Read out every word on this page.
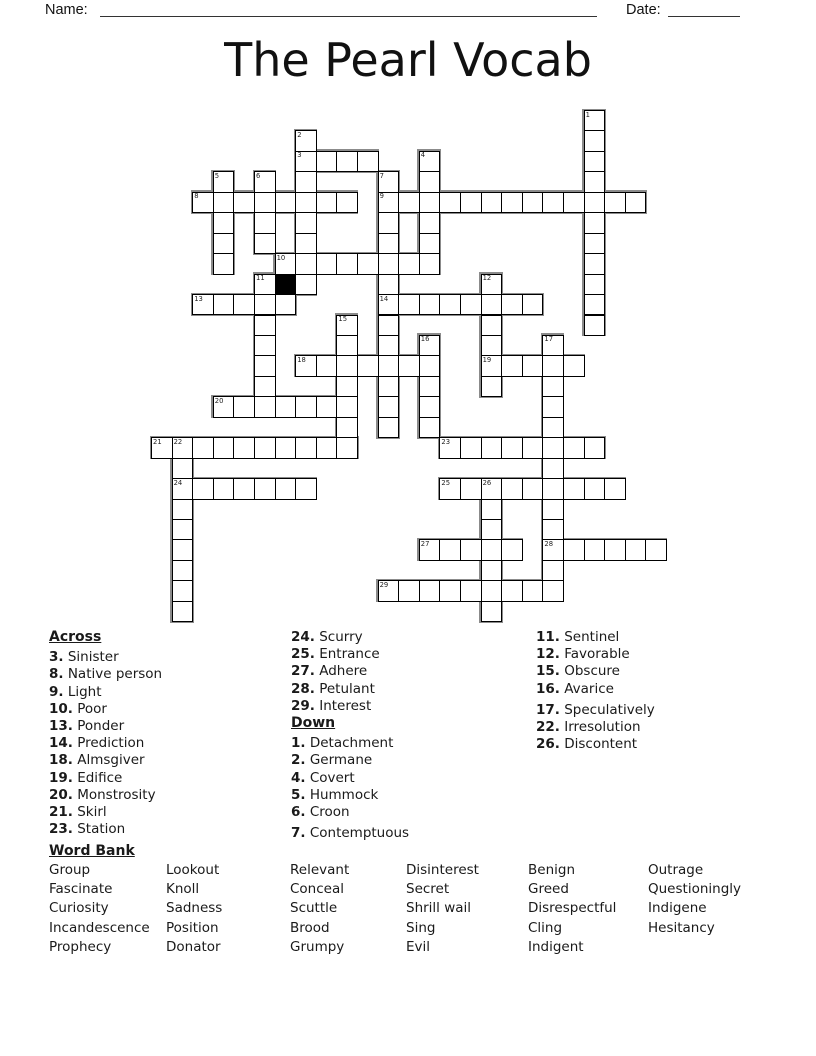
Name:	Date:
The Pearl Vocab
3
8	9
10
13	14
18	19
20
21 22	23
24	25	26
27	28
29
1
2
4
5	6	7
11	12
15
16	17
Across
3. Sinister
8. Native person
9. Light
10. Poor
13. Ponder
14. Prediction
18. Almsgiver
19. Edifice
20. Monstrosity
21. Skirl
23. Station
24. Scurry
25. Entrance
27. Adhere
28. Petulant
29. Interest
Down
1. Detachment
2. Germane
4. Covert
5. Hummock
6. Croon
7. Contemptuous
11. Sentinel
12. Favorable
15. Obscure
16. Avarice
17. Speculatively
22. Irresolution
26. Discontent
Word Bank
Group
Fascinate
Curiosity
Incandescence
Prophecy
Lookout
Knoll
Sadness
Position
Donator
Relevant
Conceal
Scuttle
Brood
Grumpy
Disinterest
Secret
Shrill wail
Sing
Evil
Benign
Greed
Disrespectful
Cling
Indigent
Outrage
Questioningly
Indigene
Hesitancy
